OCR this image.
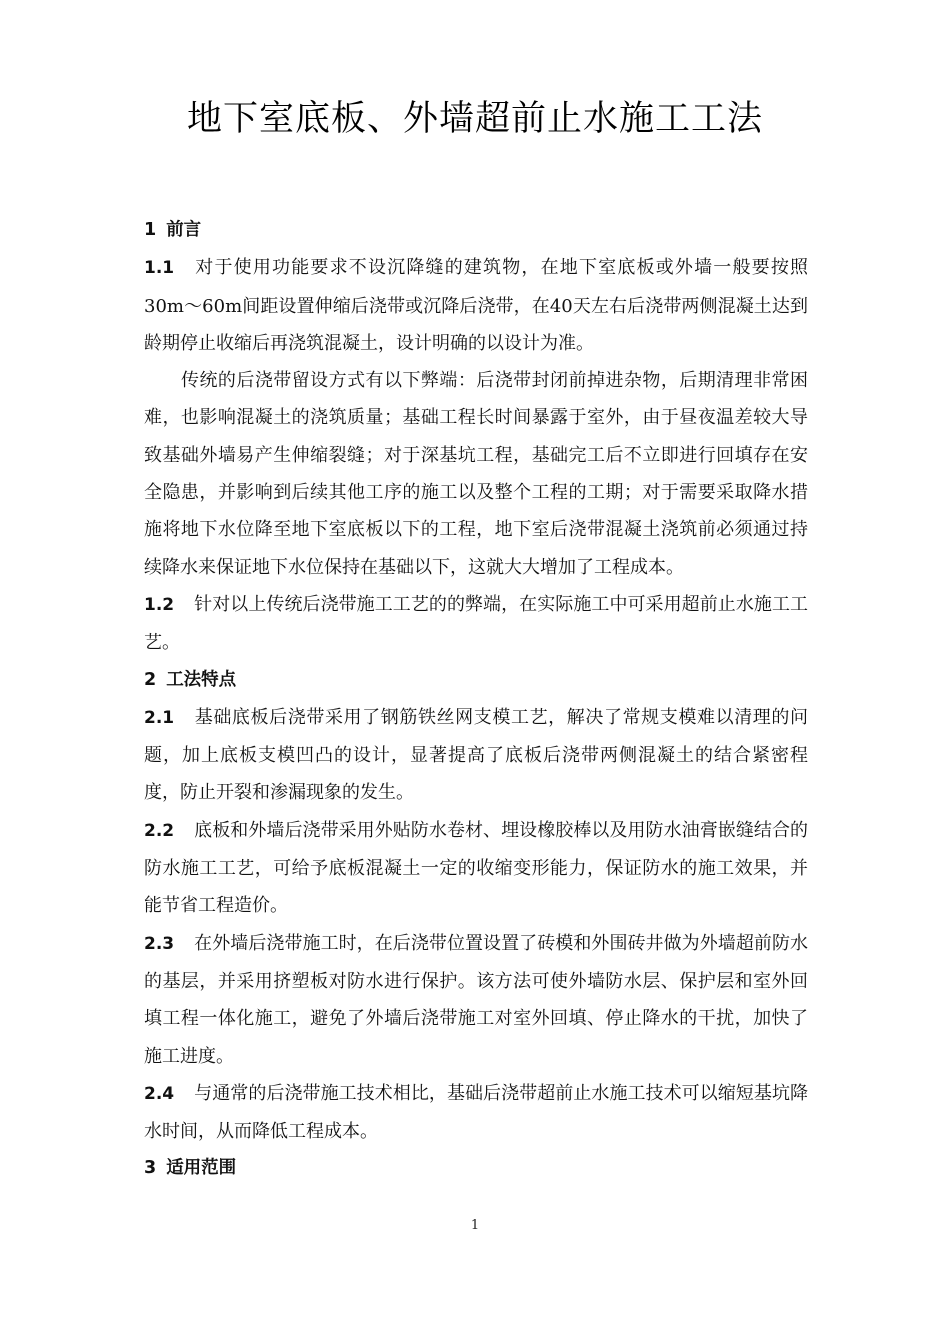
地下室底板、外墙超前止水施工工法
1 前言

1.1 对于使用功能要求不设沉降缝的建筑物，在地下室底板或外墙一般要按照30m～60m间距设置伸缩后浇带或沉降后浇带，在40天左右后浇带两侧混凝土达到龄期停止收缩后再浇筑混凝土，设计明确的以设计为准。

传统的后浇带留设方式有以下弊端：后浇带封闭前掉进杂物，后期清理非常困难，也影响混凝土的浇筑质量；基础工程长时间暴露于室外，由于昼夜温差较大导致基础外墙易产生伸缩裂缝；对于深基坑工程，基础完工后不立即进行回填存在安全隐患，并影响到后续其他工序的施工以及整个工程的工期；对于需要采取降水措施将地下水位降至地下室底板以下的工程，地下室后浇带混凝土浇筑前必须通过持续降水来保证地下水位保持在基础以下，这就大大增加了工程成本。

1.2 针对以上传统后浇带施工工艺的的弊端，在实际施工中可采用超前止水施工工艺。

2 工法特点

2.1 基础底板后浇带采用了钢筋铁丝网支模工艺，解决了常规支模难以清理的问题，加上底板支模凹凸的设计，显著提高了底板后浇带两侧混凝土的结合紧密程度，防止开裂和渗漏现象的发生。

2.2 底板和外墙后浇带采用外贴防水卷材、埋设橡胶棒以及用防水油膏嵌缝结合的防水施工工艺，可给予底板混凝土一定的收缩变形能力，保证防水的施工效果，并能节省工程造价。

2.3 在外墙后浇带施工时，在后浇带位置设置了砖模和外围砖井做为外墙超前防水的基层，并采用挤塑板对防水进行保护。该方法可使外墙防水层、保护层和室外回填工程一体化施工，避免了外墙后浇带施工对室外回填、停止降水的干扰，加快了施工进度。

2.4 与通常的后浇带施工技术相比，基础后浇带超前止水施工技术可以缩短基坑降水时间，从而降低工程成本。

3 适用范围
1
